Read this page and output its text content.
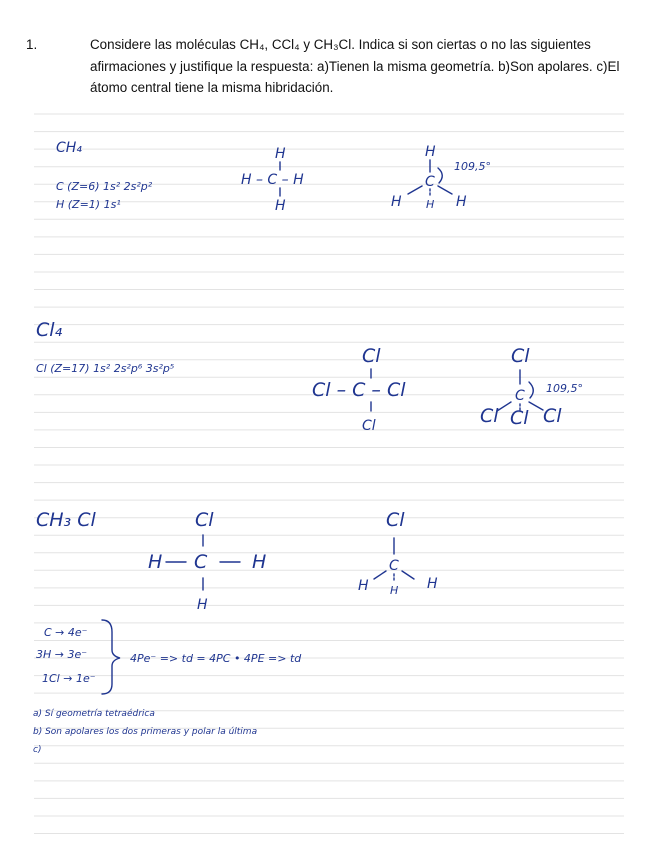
1.	Considere las moléculas CH₄, CCl₄ y CH₃Cl. Indica si son ciertas o no las siguientes afirmaciones y justifique la respuesta: a)Tienen la misma geometría. b)Son apolares. c)El átomo central tiene la misma hibridación.
CH₄
C (Z=6) 1s² 2s²p²
H (Z=1) 1s¹
H
H – C – H
H
H
C
109,5°
H H H
Cl₄
Cl (Z=17) 1s² 2s²p⁶ 3s²p⁵
Cl
Cl – C – Cl
Cl
Cl
C 109,5°
Cl Cl Cl
CH₃ Cl	Cl
C
H	H
H
Cl
C
H H H
C → 4e⁻
3H → 3e⁻
1Cl → 1e⁻
4Pe⁻ => td = 4PC • 4PE => td
a) Sí geometría tetraédrica
b) Son apolares los dos primeras y polar la última
c)
